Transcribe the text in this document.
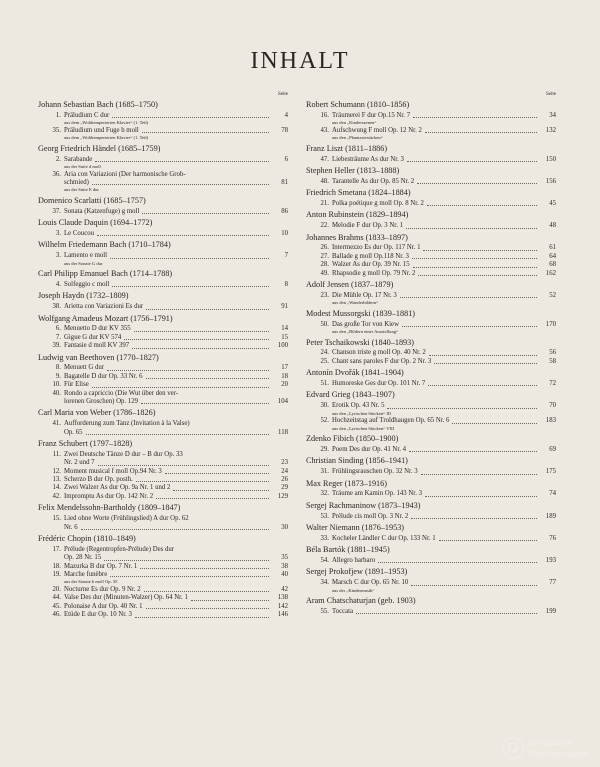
INHALT
Seite
Johann Sebastian Bach (1685–1750)
1. Präludium C dur	4
aus dem „Wohltemperierten Klavier“ (1. Teil)
35. Präludium und Fuge b moll	78
aus dem „Wohltemperierten Klavier“ (1. Teil)
Georg Friedrich Händel (1685–1759)
2. Sarabande	6
aus der Suite d moll
36. Aria con Variazioni (Der harmonische Grob-
schmied)	81
aus der Suite E dur
Domenico Scarlatti (1685–1757)
37. Sonata (Katzenfuge) g moll	86
Louis Claude Daquin (1694–1772)
3. Le Coucou	10
Wilhelm Friedemann Bach (1710–1784)
3. Lamento e moll	7
aus der Sonate G dur
Carl Philipp Emanuel Bach (1714–1788)
4. Solfeggio c moll	8
Joseph Haydn (1732–1809)
38. Arietta con Variazioni Es dur	91
Wolfgang Amadeus Mozart (1756–1791)
6. Menuetto D dur KV 355	14
7. Gigue G dur KV 574	15
39. Fantasie d moll KV 397	100
Ludwig van Beethoven (1770–1827)
8. Menuett G dur	17
9. Bagatelle D dur Op. 33 Nr. 6	18
10. Für Elise	20
40. Rondo a capriccio (Die Wut über den ver-
lorenen Groschen) Op. 129	104
Carl Maria von Weber (1786–1826)
41. Aufforderung zum Tanz (Invitation à la Valse)
Op. 65	118
Franz Schubert (1797–1828)
11. Zwei Deutsche Tänze D dur – B dur Op. 33
Nr. 2 und 7	23
12. Moment musical f moll Op.94 Nr. 3	24
13. Scherzo B dur Op. posth.	26
14. Zwei Walzer As dur Op. 9a Nr. 1 und 2	29
42. Impromptu As dur Op. 142 Nr. 2	129
Felix Mendelssohn-Bartholdy (1809–1847)
15. Lied ohne Worte (Frühlingslied) A dur Op. 62
Nr. 6	30
Frédéric Chopin (1810–1849)
17. Prélude (Regentropfen-Prélude) Des dur
Op. 28 Nr. 15	35
18. Mazurka B dur Op. 7 Nr. 1	38
19. Marche funèbre	40
aus der Sonate b moll Op. 35
20. Nocturne Es dur Op. 9 Nr. 2	42
44. Valse Des dur (Minuten-Walzer) Op. 64 Nr. 1	138
45. Polonaise A dur Op. 40 Nr. 1	142
46. Etüde E dur Op. 10 Nr. 3	146
Seite
Robert Schumann (1810–1856)
16. Träumerei F dur Op.15 Nr. 7	34
aus den „Kinderszenen“
43. Aufschwung F moll Op. 12 Nr. 2	132
aus den „Phantasiestücken“
Franz Liszt (1811–1886)
47. Liebesträume As dur Nr. 3	150
Stephen Heller (1813–1888)
48. Tarantelle As dur Op. 85 Nr. 2	156
Friedrich Smetana (1824–1884)
21. Polka poétique g moll Op. 8 Nr. 2	45
Anton Rubinstein (1829–1894)
22. Melodie F dur Op. 3 Nr. 1	48
Johannes Brahms (1833–1897)
26. Intermezzo Es dur Op. 117 Nr. 1	61
27. Ballade g moll Op.118 Nr. 3	64
28. Walzer As dur Op. 39 Nr. 15	68
49. Rhapsodie g moll Op. 79 Nr. 2	162
Adolf Jensen (1837–1879)
23. Die Mühle Op. 17 Nr. 3	52
aus den „Wanderbildern“
Modest Mussorgski (1839–1881)
50. Das große Tor von Kiew	170
aus den „Bildern einer Ausstellung“
Peter Tschaikowski (1840–1893)
24. Chanson triste g moll Op. 40 Nr. 2	56
25. Chant sans paroles F dur Op. 2 Nr. 3	58
Antonín Dvořák (1841–1904)
51. Humoreske Ges dur Op. 101 Nr. 7	72
Edvard Grieg (1843–1907)
30. Erotik Op. 43 Nr. 5	70
aus den „Lyrischen Stücken“ III
52. Hochzeitstag auf Troldhaugen Op. 65 Nr. 6	183
aus den „Lyrischen Stücken“ VIII
Zdenko Fibich (1850–1900)
29. Poem Des dur Op. 41 Nr. 4	69
Christian Sinding (1856–1941)
31. Frühlingsrauschen Op. 32 Nr. 3	175
Max Reger (1873–1916)
32. Träume am Kamin Op. 143 Nr. 3	74
Sergej Rachmaninow (1873–1943)
53. Prélude cis moll Op. 3 Nr. 2	189
Walter Niemann (1876–1953)
33. Kocheler Ländler C dur Op. 133 Nr. 1	76
Béla Bartók (1881–1945)
54. Allegro barbaro	193
Sergej Prokofjew (1891–1953)
34. Marsch C dur Op. 65 Nr. 10	77
aus der „Kindermusik“
Aram Chatschaturjan (geb. 1903)
55. Toccata	199
antiquariat
buecherstapel
